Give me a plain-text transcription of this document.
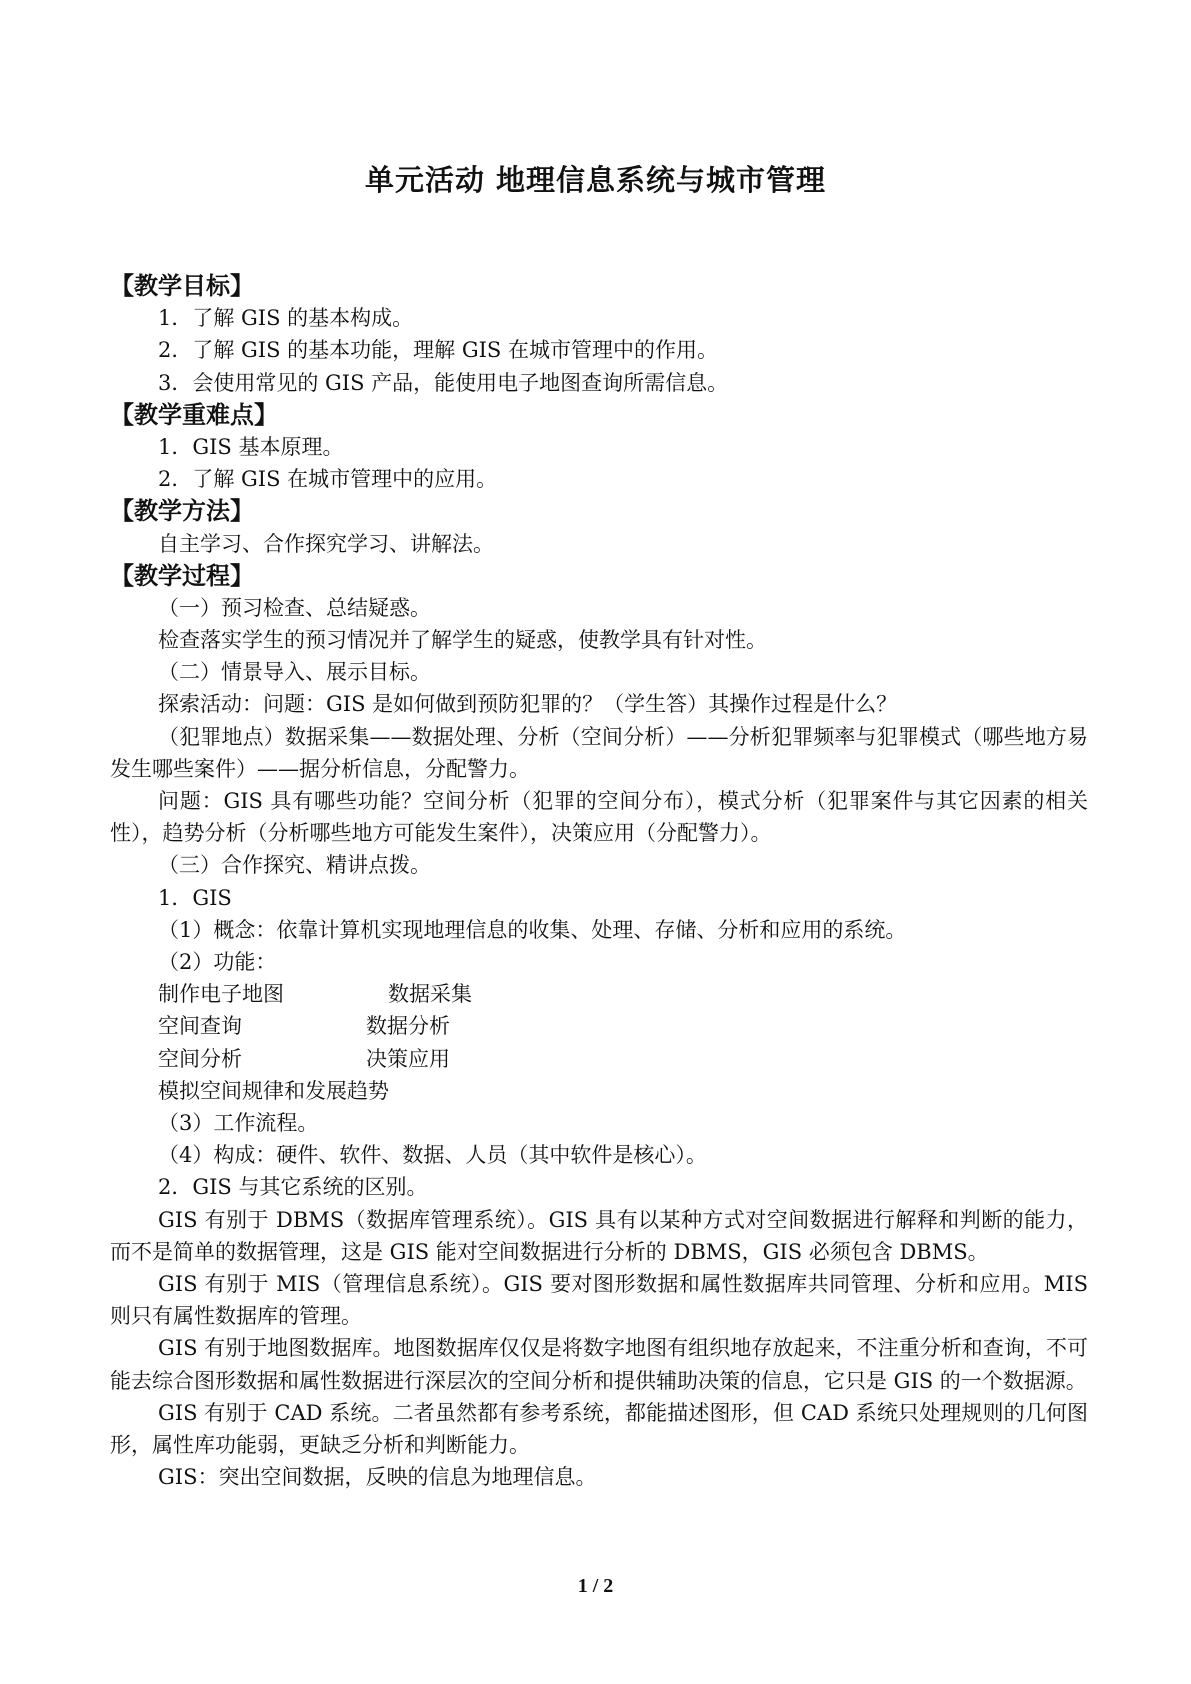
单元活动 地理信息系统与城市管理
【教学目标】
1．了解 GIS 的基本构成。
2．了解 GIS 的基本功能，理解 GIS 在城市管理中的作用。
3．会使用常见的 GIS 产品，能使用电子地图查询所需信息。
【教学重难点】
1．GIS 基本原理。
2．了解 GIS 在城市管理中的应用。
【教学方法】
自主学习、合作探究学习、讲解法。
【教学过程】
（一）预习检查、总结疑惑。
检查落实学生的预习情况并了解学生的疑惑，使教学具有针对性。
（二）情景导入、展示目标。
探索活动：问题：GIS 是如何做到预防犯罪的？（学生答）其操作过程是什么？
（犯罪地点）数据采集——数据处理、分析（空间分析）——分析犯罪频率与犯罪模式（哪些地方易发生哪些案件）——据分析信息，分配警力。
问题：GIS 具有哪些功能？空间分析（犯罪的空间分布），模式分析（犯罪案件与其它因素的相关性），趋势分析（分析哪些地方可能发生案件），决策应用（分配警力）。
（三）合作探究、精讲点拨。
1．GIS
（1）概念：依靠计算机实现地理信息的收集、处理、存储、分析和应用的系统。
（2）功能：
制作电子地图	数据采集
空间查询	数据分析
空间分析	决策应用
模拟空间规律和发展趋势
（3）工作流程。
（4）构成：硬件、软件、数据、人员（其中软件是核心）。
2．GIS 与其它系统的区别。
GIS 有别于 DBMS（数据库管理系统）。GIS 具有以某种方式对空间数据进行解释和判断的能力，而不是简单的数据管理，这是 GIS 能对空间数据进行分析的 DBMS，GIS 必须包含 DBMS。
GIS 有别于 MIS（管理信息系统）。GIS 要对图形数据和属性数据库共同管理、分析和应用。MIS 则只有属性数据库的管理。
GIS 有别于地图数据库。地图数据库仅仅是将数字地图有组织地存放起来，不注重分析和查询，不可能去综合图形数据和属性数据进行深层次的空间分析和提供辅助决策的信息，它只是 GIS 的一个数据源。
GIS 有别于 CAD 系统。二者虽然都有参考系统，都能描述图形，但 CAD 系统只处理规则的几何图形，属性库功能弱，更缺乏分析和判断能力。
GIS：突出空间数据，反映的信息为地理信息。
1 / 2
